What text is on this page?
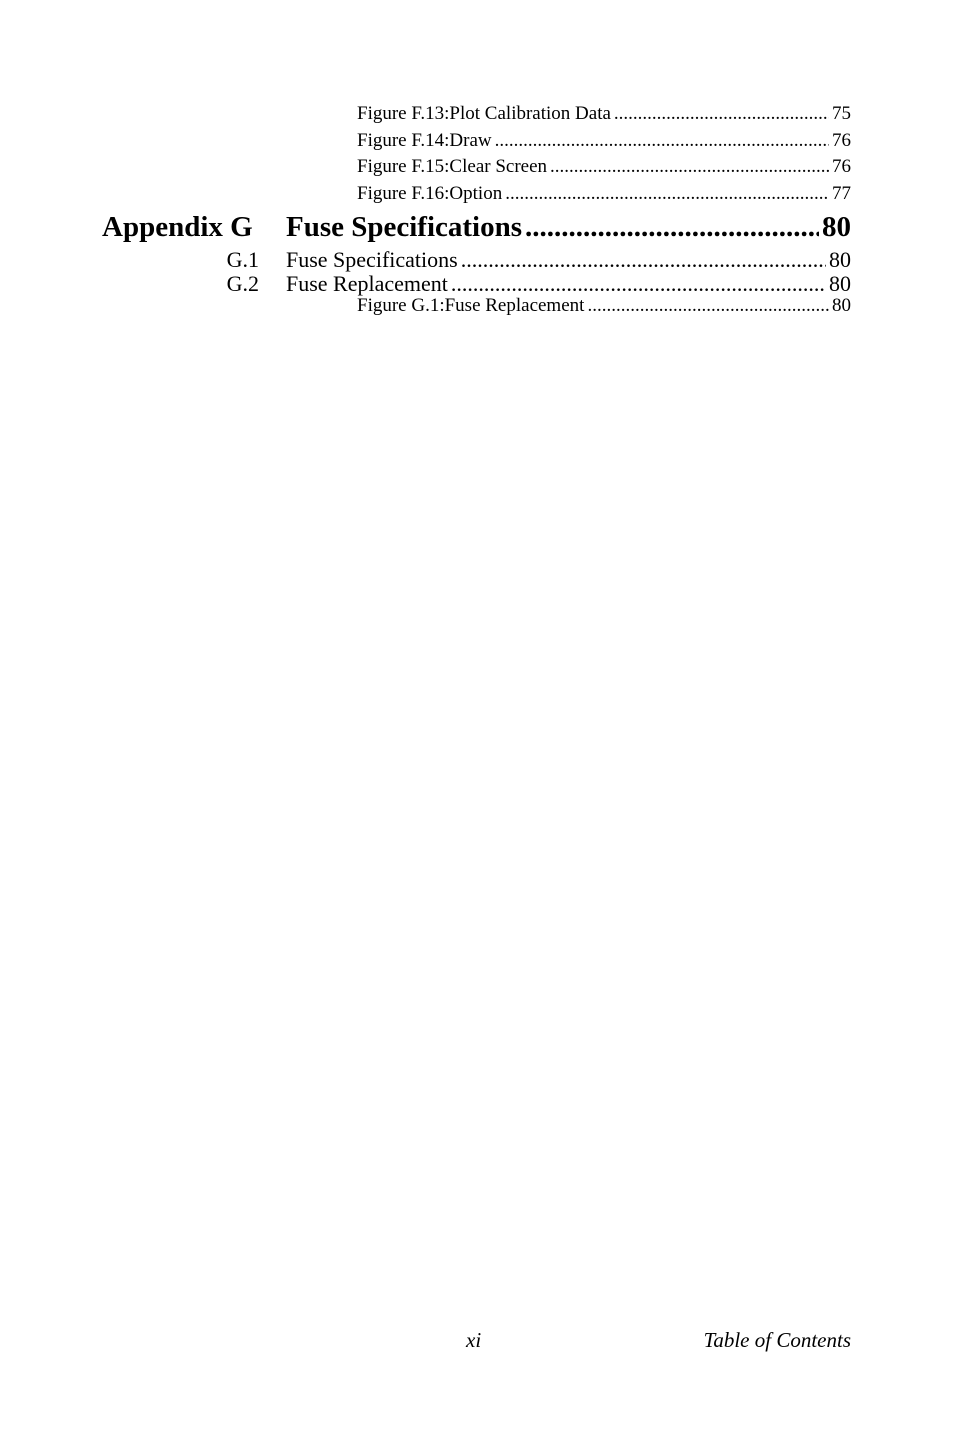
Figure F.13:Plot Calibration Data .....	75
Figure F.14:Draw .....	76
Figure F.15:Clear Screen .....	76
Figure F.16:Option .....	77
Appendix G Fuse Specifications .....	80
G.1 Fuse Specifications .....	80
G.2 Fuse Replacement .....	80
Figure G.1:Fuse Replacement .....	80
xi	Table of Contents
